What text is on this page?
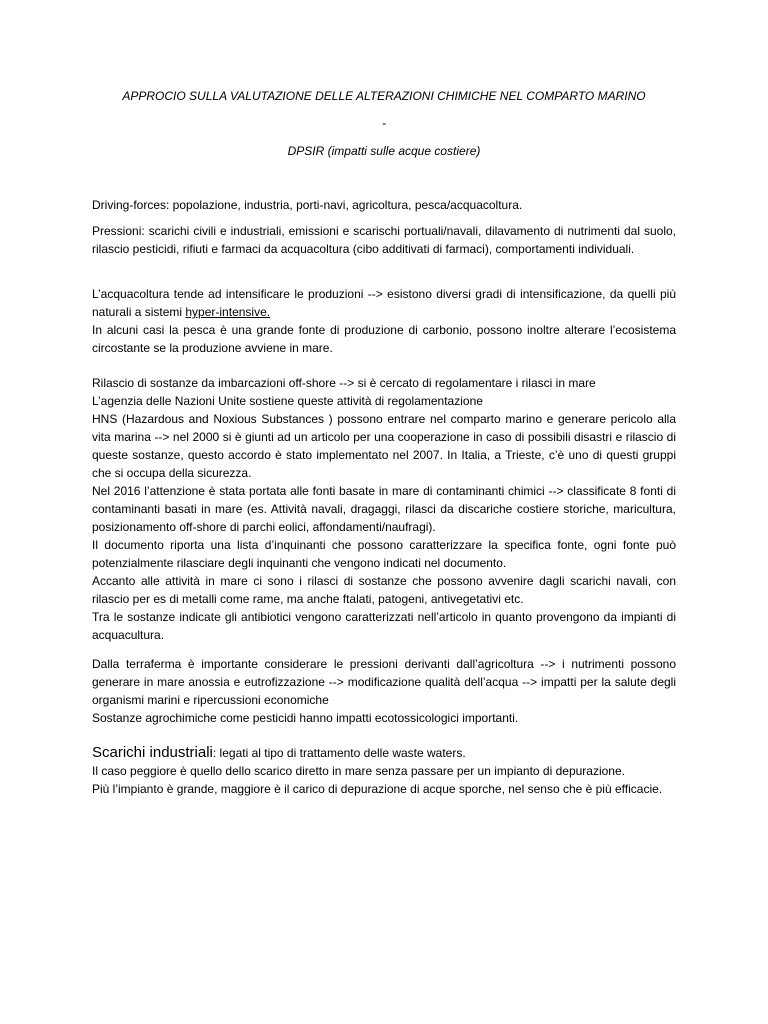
APPROCIO SULLA VALUTAZIONE DELLE ALTERAZIONI CHIMICHE NEL COMPARTO MARINO
-
DPSIR (impatti sulle acque costiere)

Driving-forces: popolazione, industria, porti-navi, agricoltura, pesca/acquacoltura.

Pressioni: scarichi civili e industriali, emissioni e scarischi portuali/navali, dilavamento di nutrimenti dal suolo, rilascio pesticidi, rifiuti e farmaci da acquacoltura (cibo additivati di farmaci), comportamenti individuali.

L’acquacoltura tende ad intensificare le produzioni --> esistono diversi gradi di intensificazione, da quelli più naturali a sistemi hyper-intensive.

In alcuni casi la pesca è una grande fonte di produzione di carbonio, possono inoltre alterare l’ecosistema circostante se la produzione avviene in mare.

Rilascio di sostanze da imbarcazioni off-shore --> si è cercato di regolamentare i rilasci in mare

L’agenzia delle Nazioni Unite sostiene queste attività di regolamentazione

HNS (Hazardous and Noxious Substances ) possono entrare nel comparto marino e generare pericolo alla vita marina --> nel 2000 si è giunti ad un articolo per una cooperazione in caso di possibili disastri e rilascio di queste sostanze, questo accordo è stato implementato nel 2007. In Italia, a Trieste, c’è uno di questi gruppi che si occupa della sicurezza.

Nel 2016 l’attenzione è stata portata alle fonti basate in mare di contaminanti chimici --> classificate 8 fonti di contaminanti basati in mare (es. Attività navali, dragaggi, rilasci da discariche costiere storiche, maricultura, posizionamento off-shore di parchi eolici, affondamenti/naufragi).

Il documento riporta una lista d’inquinanti che possono caratterizzare la specifica fonte, ogni fonte può potenzialmente rilasciare degli inquinanti che vengono indicati nel documento.

Accanto alle attività in mare ci sono i rilasci di sostanze che possono avvenire dagli scarichi navali, con rilascio per es di metalli come rame, ma anche ftalati, patogeni, antivegetativi etc.

Tra le sostanze indicate gli antibiotici vengono caratterizzati nell’articolo in quanto provengono da impianti di acquacultura.

Dalla terraferma è importante considerare le pressioni derivanti dall’agricoltura --> i nutrimenti possono generare in mare anossia e eutrofizzazione --> modificazione qualità dell’acqua --> impatti per la salute degli organismi marini e ripercussioni economiche

Sostanze agrochimiche come pesticidi hanno impatti ecotossicologici importanti.

Scarichi industriali: legati al tipo di trattamento delle waste waters.

Il caso peggiore è quello dello scarico diretto in mare senza passare per un impianto di depurazione.

Più l’impianto è grande, maggiore è il carico di depurazione di acque sporche, nel senso che è più efficacie.
